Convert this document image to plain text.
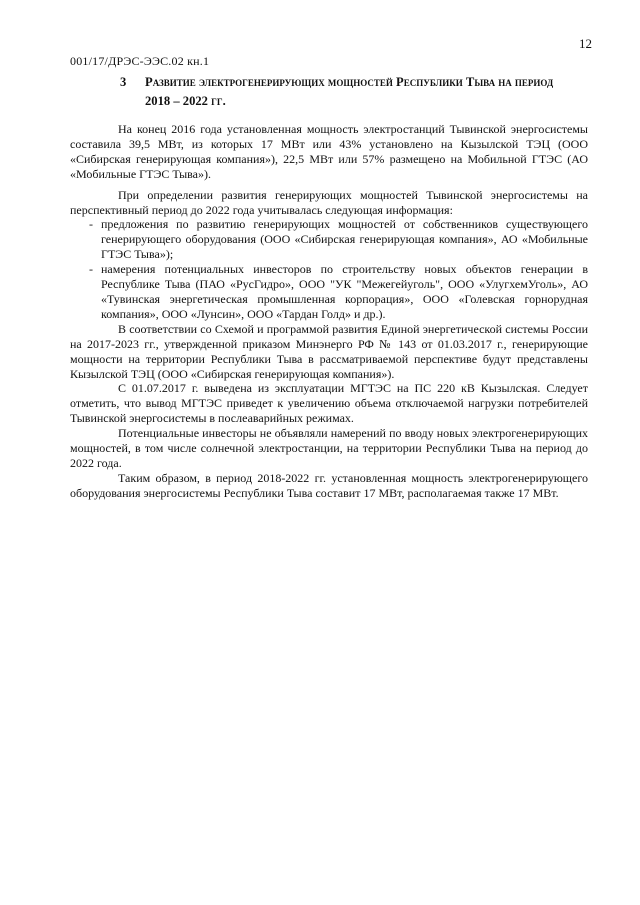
12
001/17/ДРЭС-ЭЭС.02 кн.1
3 Развитие электрогенерирующих мощностей Республики Тыва на период 2018 – 2022 гг.

На конец 2016 года установленная мощность электростанций Тывинской энергосистемы составила 39,5 МВт, из которых 17 МВт или 43% установлено на Кызылской ТЭЦ (ООО «Сибирская генерирующая компания»), 22,5 МВт или 57% размещено на Мобильной ГТЭС (АО «Мобильные ГТЭС Тыва»).

При определении развития генерирующих мощностей Тывинской энергосистемы на перспективный период до 2022 года учитывалась следующая информация:

- предложения по развитию генерирующих мощностей от собственников существующего генерирующего оборудования (ООО «Сибирская генерирующая компания», АО «Мобильные ГТЭС Тыва»);
- намерения потенциальных инвесторов по строительству новых объектов генерации в Республике Тыва (ПАО «РусГидро», ООО "УК "Межегейуголь", ООО «УлугхемУголь», АО «Тувинская энергетическая промышленная корпорация», ООО «Голевская горнорудная компания», ООО «Лунсин», ООО «Тардан Голд» и др.).

В соответствии со Схемой и программой развития Единой энергетической системы России на 2017-2023 гг., утвержденной приказом Минэнерго РФ № 143 от 01.03.2017 г., генерирующие мощности на территории Республики Тыва в рассматриваемой перспективе будут представлены Кызылской ТЭЦ (ООО «Сибирская генерирующая компания»).

С 01.07.2017 г. выведена из эксплуатации МГТЭС на ПС 220 кВ Кызылская. Следует отметить, что вывод МГТЭС приведет к увеличению объема отключаемой нагрузки потребителей Тывинской энергосистемы в послеаварийных режимах.

Потенциальные инвесторы не объявляли намерений по вводу новых электрогенерирующих мощностей, в том числе солнечной электростанции, на территории Республики Тыва на период до 2022 года.

Таким образом, в период 2018-2022 гг. установленная мощность электрогенерирующего оборудования энергосистемы Республики Тыва составит 17 МВт, располагаемая также 17 МВт.
